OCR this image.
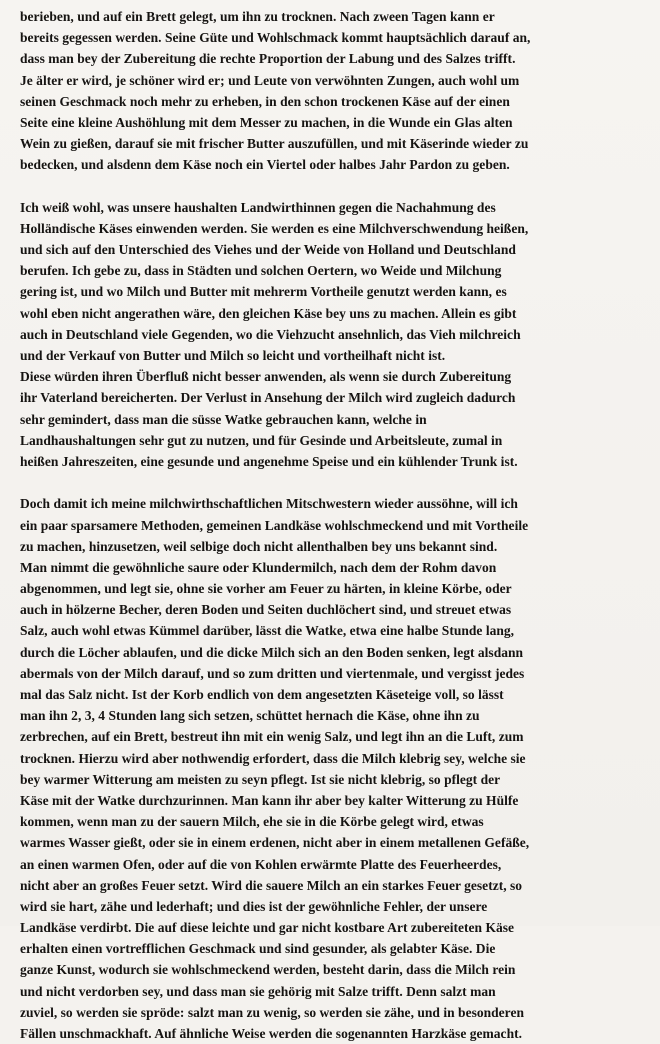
berieben, und auf ein Brett gelegt, um ihn zu trocknen. Nach zween Tagen kann er
bereits gegessen werden. Seine Güte und Wohlschmack kommt hauptsächlich darauf an,
dass man bey der Zubereitung die rechte Proportion der Labung und des Salzes trifft.
Je älter er wird, je schöner wird er; und Leute von verwöhnten Zungen, auch wohl um
seinen Geschmack noch mehr zu erheben, in den schon trockenen Käse auf der einen
Seite eine kleine Aushöhlung mit dem Messer zu machen, in die Wunde ein Glas alten
Wein zu gießen, darauf sie mit frischer Butter auszufüllen, und mit Käserinde wieder zu
bedecken, und alsdenn dem Käse noch ein Viertel oder halbes Jahr Pardon zu geben.
Ich weiß wohl, was unsere haushalten Landwirthinnen gegen die Nachahmung des
Holländische Käses einwenden werden. Sie werden es eine Milchverschwendung heißen,
und sich auf den Unterschied des Viehes und der Weide von Holland und Deutschland
berufen. Ich gebe zu, dass in Städten und solchen Oertern, wo Weide und Milchung
gering ist, und wo Milch und Butter mit mehrerm Vortheile genutzt werden kann, es
wohl eben nicht angerathen wäre, den gleichen Käse bey uns zu machen. Allein es gibt
auch in Deutschland viele Gegenden, wo die Viehzucht ansehnlich, das Vieh milchreich
und der Verkauf von Butter und Milch so leicht und vortheilhaft nicht ist.
Diese würden ihren Überfluß nicht besser anwenden, als wenn sie durch Zubereitung
ihr Vaterland bereicherten. Der Verlust in Ansehung der Milch wird zugleich dadurch
sehr gemindert, dass man die süsse Watke gebrauchen kann, welche in
Landhaushaltungen sehr gut zu nutzen, und für Gesinde und Arbeitsleute, zumal in
heißen Jahreszeiten, eine gesunde und angenehme Speise und ein kühlender Trunk ist.
Doch damit ich meine milchwirthschaftlichen Mitschwestern wieder aussöhne, will ich
ein paar sparsamere Methoden, gemeinen Landkäse wohlschmeckend und mit Vortheile
zu machen, hinzusetzen, weil selbige doch nicht allenthalben bey uns bekannt sind.
Man nimmt die gewöhnliche saure oder Klundermilch, nach dem der Rohm davon
abgenommen, und legt sie, ohne sie vorher am Feuer zu härten, in kleine Körbe, oder
auch in hölzerne Becher, deren Boden und Seiten duchlöchert sind, und streuet etwas
Salz, auch wohl etwas Kümmel darüber, lässt die Watke, etwa eine halbe Stunde lang,
durch die Löcher ablaufen, und die dicke Milch sich an den Boden senken, legt alsdann
abermals von der Milch darauf, und so zum dritten und viertenmale, und vergisst jedes
mal das Salz nicht. Ist der Korb endlich von dem angesetzten Käseteige voll, so lässt
man ihn 2, 3, 4 Stunden lang sich setzen, schüttet hernach die Käse, ohne ihn zu
zerbrechen, auf ein Brett, bestreut ihn mit ein wenig Salz, und legt ihn an die Luft, zum
trocknen. Hierzu wird aber nothwendig erfordert, dass die Milch klebrig sey, welche sie
bey warmer Witterung am meisten zu seyn pflegt. Ist sie nicht klebrig, so pflegt der
Käse mit der Watke durchzurinnen. Man kann ihr aber bey kalter Witterung zu Hülfe
kommen, wenn man zu der sauern Milch, ehe sie in die Körbe gelegt wird, etwas
warmes Wasser gießt, oder sie in einem erdenen, nicht aber in einem metallenen Gefäße,
an einen warmen Ofen, oder auf die von Kohlen erwärmte Platte des Feuerheerdes,
nicht aber an großes Feuer setzt. Wird die sauere Milch an ein starkes Feuer gesetzt, so
wird sie hart, zähe und lederhaft; und dies ist der gewöhnliche Fehler, der unsere
Landkäse verdirbt. Die auf diese leichte und gar nicht kostbare Art zubereiteten Käse
erhalten einen vortrefflichen Geschmack und sind gesunder, als gelabter Käse. Die
ganze Kunst, wodurch sie wohlschmeckend werden, besteht darin, dass die Milch rein
und nicht verdorben sey, und dass man sie gehörig mit Salze trifft. Denn salzt man
zuviel, so werden sie spröde: salzt man zu wenig, so werden sie zähe, und in besonderen
Fällen unschmackhaft. Auf ähnliche Weise werden die sogenannten Harzkäse gemacht.
